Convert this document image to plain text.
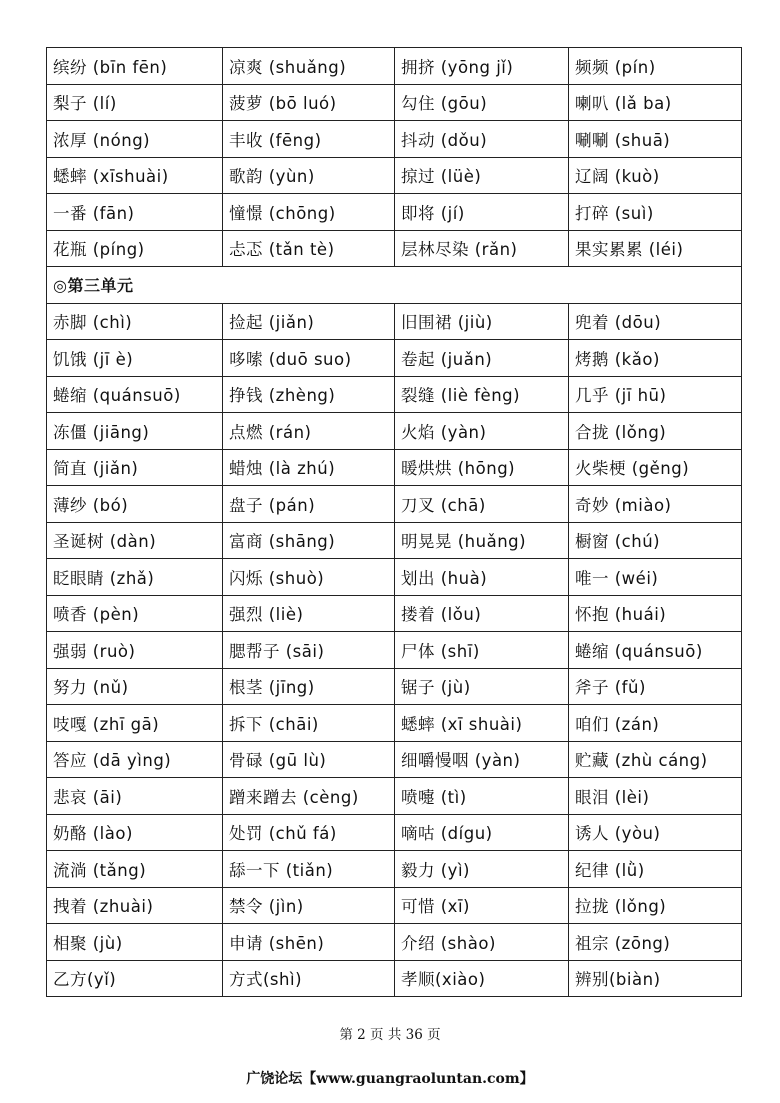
缤纷 (bīn fēn)	凉爽 (shuǎng)	拥挤 (yōng jǐ)	频频 (pín)
梨子 (lí)	菠萝 (bō luó)	勾住 (gōu)	喇叭 (lǎ ba)
浓厚 (nóng)	丰收 (fēng)	抖动 (dǒu)	唰唰 (shuā)
蟋蟀 (xīshuài)	歌韵 (yùn)	掠过 (lüè)	辽阔 (kuò)
一番 (fān)	憧憬 (chōng)	即将 (jí)	打碎 (suì)
花瓶 (píng)	忐忑 (tǎn tè)	层林尽染 (rǎn)	果实累累 (léi)
◎第三单元			
赤脚 (chì)	捡起 (jiǎn)	旧围裙 (jiù)	兜着 (dōu)
饥饿 (jī è)	哆嗦 (duō suo)	卷起 (juǎn)	烤鹅 (kǎo)
蜷缩 (quánsuō)	挣钱 (zhèng)	裂缝 (liè fèng)	几乎 (jī hū)
冻僵 (jiāng)	点燃 (rán)	火焰 (yàn)	合拢 (lǒng)
简直 (jiǎn)	蜡烛 (là zhú)	暖烘烘 (hōng)	火柴梗 (gěng)
薄纱 (bó)	盘子 (pán)	刀叉 (chā)	奇妙 (miào)
圣诞树 (dàn)	富商 (shāng)	明晃晃 (huǎng)	橱窗 (chú)
眨眼睛 (zhǎ)	闪烁 (shuò)	划出 (huà)	唯一 (wéi)
喷香 (pèn)	强烈 (liè)	搂着 (lǒu)	怀抱 (huái)
强弱 (ruò)	腮帮子 (sāi)	尸体 (shī)	蜷缩 (quánsuō)
努力 (nǔ)	根茎 (jīng)	锯子 (jù)	斧子 (fǔ)
吱嘎 (zhī gā)	拆下 (chāi)	蟋蟀 (xī shuài)	咱们 (zán)
答应 (dā yìng)	骨碌 (gū lù)	细嚼慢咽 (yàn)	贮藏 (zhù cáng)
悲哀 (āi)	蹭来蹭去 (cèng)	喷嚏 (tì)	眼泪 (lèi)
奶酪 (lào)	处罚 (chǔ fá)	嘀咕 (dígu)	诱人 (yòu)
流淌 (tǎng)	舔一下 (tiǎn)	毅力 (yì)	纪律 (lǜ)
拽着 (zhuài)	禁令 (jìn)	可惜 (xī)	拉拢 (lǒng)
相聚 (jù)	申请 (shēn)	介绍 (shào)	祖宗 (zōng)
乙方(yǐ)	方式(shì)	孝顺(xiào)	辨别(biàn)
第 2 页 共 36 页
广饶论坛【www.guangraoluntan.com】
